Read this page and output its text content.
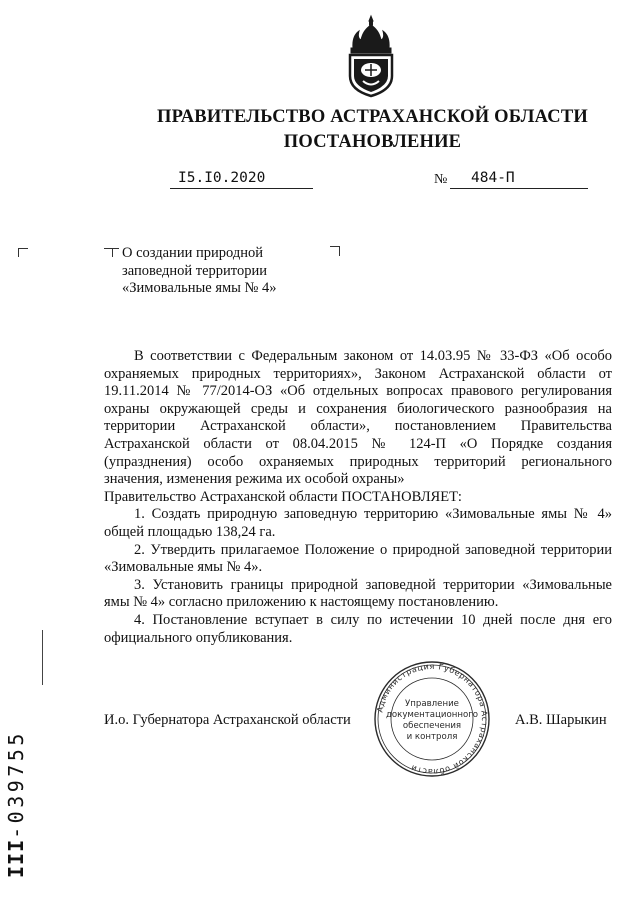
ПРАВИТЕЛЬСТВО АСТРАХАНСКОЙ ОБЛАСТИ
ПОСТАНОВЛЕНИЕ
I5.I0.2020	№ 484-П
О создании природной
заповедной территории
«Зимовальные ямы № 4»

В соответствии с Федеральным законом от 14.03.95 № 33-ФЗ «Об особо охраняемых природных территориях», Законом Астраханской области от 19.11.2014 № 77/2014-ОЗ «Об отдельных вопросах правового регулирования охраны окружающей среды и сохранения биологического разнообразия на территории Астраханской области», постановлением Правительства Астраханской области от 08.04.2015 № 124-П «О Порядке создания (упразднения) особо охраняемых природных территорий регионального значения, изменения режима их особой охраны»

Правительство Астраханской области ПОСТАНОВЛЯЕТ:

1. Создать природную заповедную территорию «Зимовальные ямы № 4» общей площадью 138,24 га.

2. Утвердить прилагаемое Положение о природной заповедной территории «Зимовальные ямы № 4».

3. Установить границы природной заповедной территории «Зимовальные ямы № 4» согласно приложению к настоящему постановлению.

4. Постановление вступает в силу по истечении 10 дней после дня его официального опубликования.

И.о. Губернатора Астраханской области	А.В. Шарыкин
Администрация Губернатора Астраханской области
Управление
документационного
обеспечения
и контроля
III-039755
